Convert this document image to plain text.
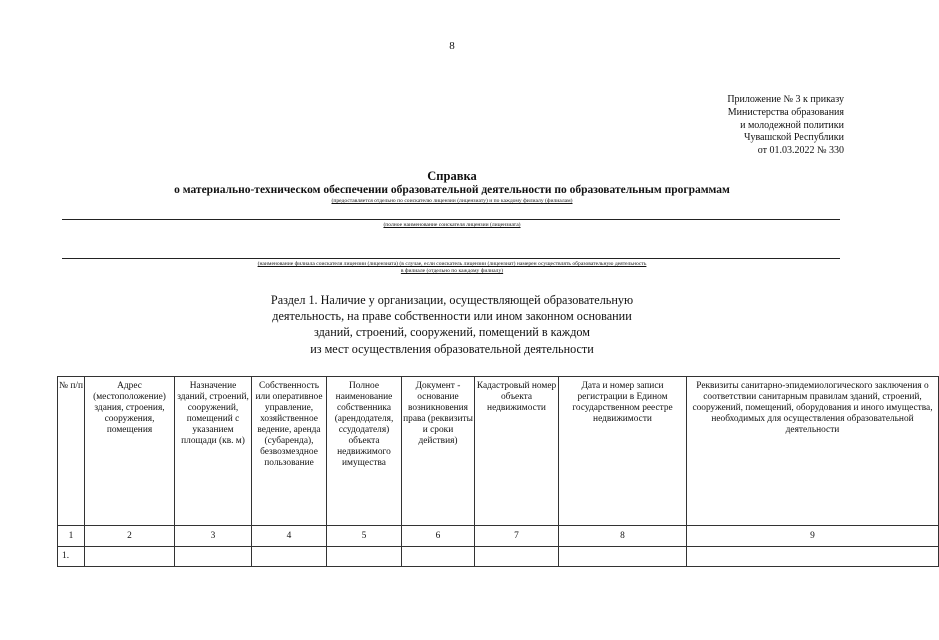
8
Приложение № 3 к приказу
Министерства образования
и молодежной политики
Чувашской Республики
от 01.03.2022 № 330
Справка
о материально-техническом обеспечении образовательной деятельности по образовательным программам
(предоставляется отдельно по соискателю лицензии (лицензиату) и по каждому филиалу (филиалам)
(полное наименование соискателя лицензии (лицензиата)
(наименование филиала соискателя лицензии (лицензиата) (в случае, если соискатель лицензии (лицензиат) намерен осуществлять образовательную деятельность
в филиале (отдельно по каждому филиалу)
Раздел 1. Наличие у организации, осуществляющей образовательную
деятельность, на праве собственности или ином законном основании
зданий, строений, сооружений, помещений в каждом
из мест осуществления образовательной деятельности
№ п/п	Адрес (местоположение) здания, строения, сооружения, помещения	Назначение зданий, строений, сооружений, помещений с указанием площади (кв. м)	Собственность или оперативное управление, хозяйственное ведение, аренда (субаренда), безвозмездное пользование	Полное наименование собственника (арендодателя, ссудодателя) объекта недвижимого имущества	Документ - основание возникновения права (реквизиты и сроки действия)	Кадастровый номер объекта недвижимости	Дата и номер записи регистрации в Едином государственном реестре недвижимости	Реквизиты санитарно-эпидемиологического заключения о соответствии санитарным правилам зданий, строений, сооружений, помещений, оборудования и иного имущества, необходимых для осуществления образовательной деятельности
1	2	3	4	5	6	7	8	9
1.								
